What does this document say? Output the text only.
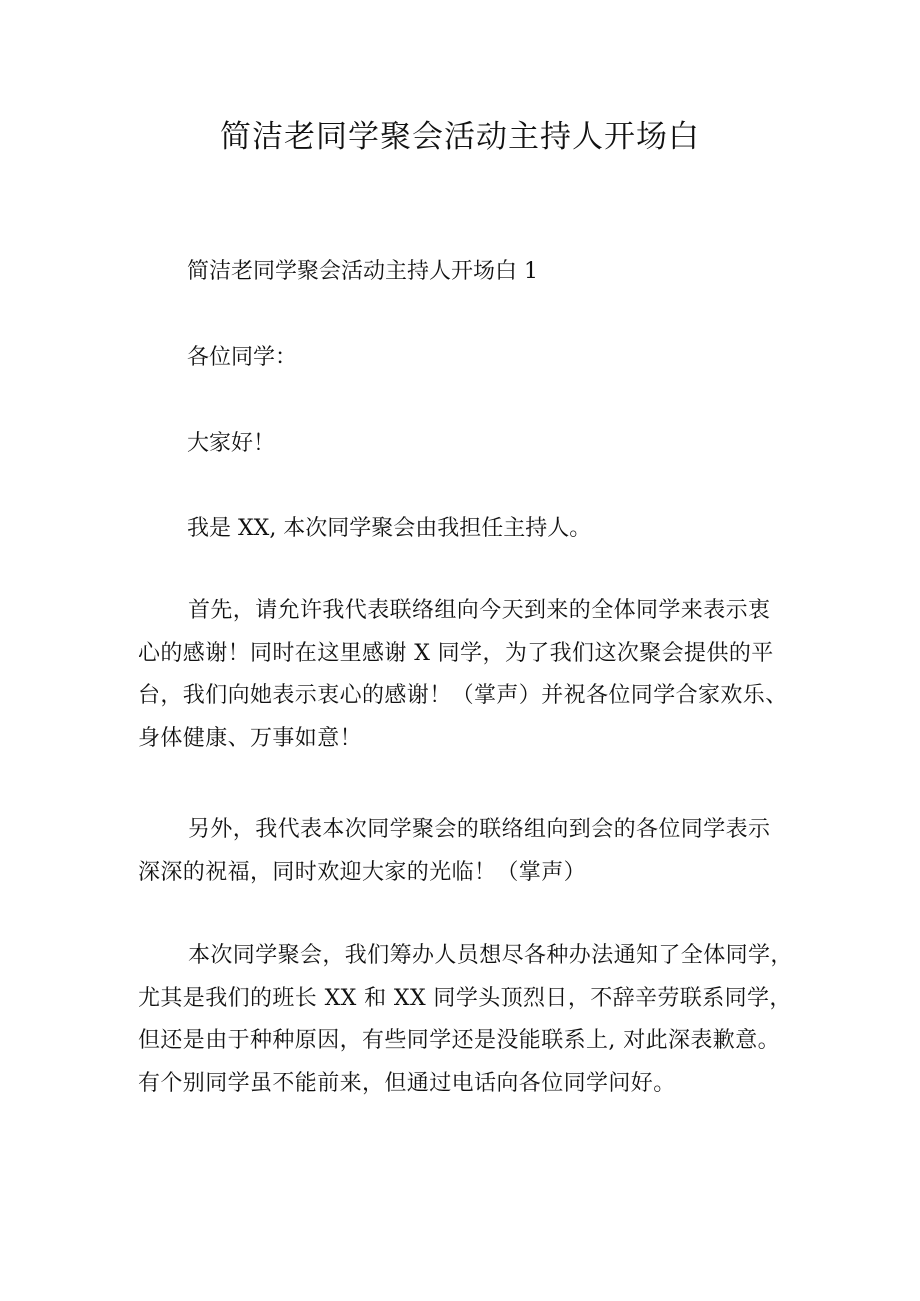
简洁老同学聚会活动主持人开场白
简洁老同学聚会活动主持人开场白 1
各位同学：
大家好！
我是 XX, 本次同学聚会由我担任主持人。
首先，请允许我代表联络组向今天到来的全体同学来表示衷
心的感谢！同时在这里感谢 X 同学，为了我们这次聚会提供的平
台，我们向她表示衷心的感谢！（掌声）并祝各位同学合家欢乐、
身体健康、万事如意！
另外，我代表本次同学聚会的联络组向到会的各位同学表示
深深的祝福，同时欢迎大家的光临！（掌声）
本次同学聚会，我们筹办人员想尽各种办法通知了全体同学，
尤其是我们的班长 XX 和 XX 同学头顶烈日，不辞辛劳联系同学，
但还是由于种种原因，有些同学还是没能联系上, 对此深表歉意。
有个别同学虽不能前来，但通过电话向各位同学问好。
